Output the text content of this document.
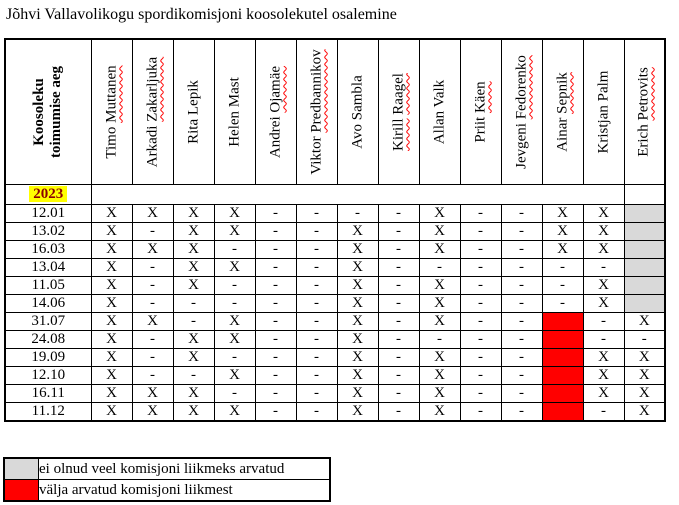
Jõhvi Vallavolikogu spordikomisjoni koosolekutel osalemine
Koosoleku toimumise aeg	Timo Muttanen	Arkadi Zakarljuka	Rita Lepik	Helen Mast	Andrei Ojamäe	Viktor Predbannikov	Avo Sambla	Kirill Raagel	Allan Valk	Priit Käen	Jevgeni Fedorenko	Ainar Sepnik	Kristjan Palm	Erich Petrovits

2023														
12.01	X	X	X	X	-	-	-	-	X	-	-	X	X	
13.02	X	-	X	X	-	-	X	-	X	-	-	X	X	
16.03	X	X	X	-	-	-	X	-	X	-	-	X	X	
13.04	X	-	X	X	-	-	X	-	-	-	-	-	-	
11.05	X	-	X	-	-	-	X	-	X	-	-	-	X	
14.06	X	-	-	-	-	-	X	-	X	-	-	-	X	
31.07	X	X	-	X	-	-	X	-	X	-	-		-	X
24.08	X	-	X	X	-	-	X	-	-	-	-		-	-
19.09	X	-	X	-	-	-	X	-	X	-	-		X	X
12.10	X	-	-	X	-	-	X	-	X	-	-		X	X
16.11	X	X	X	-	-	-	X	-	X	-	-		X	X
11.12	X	X	X	X	-	-	X	-	X	-	-		-	X
	ei olnud veel komisjoni liikmeks arvatud
	välja arvatud komisjoni liikmest
